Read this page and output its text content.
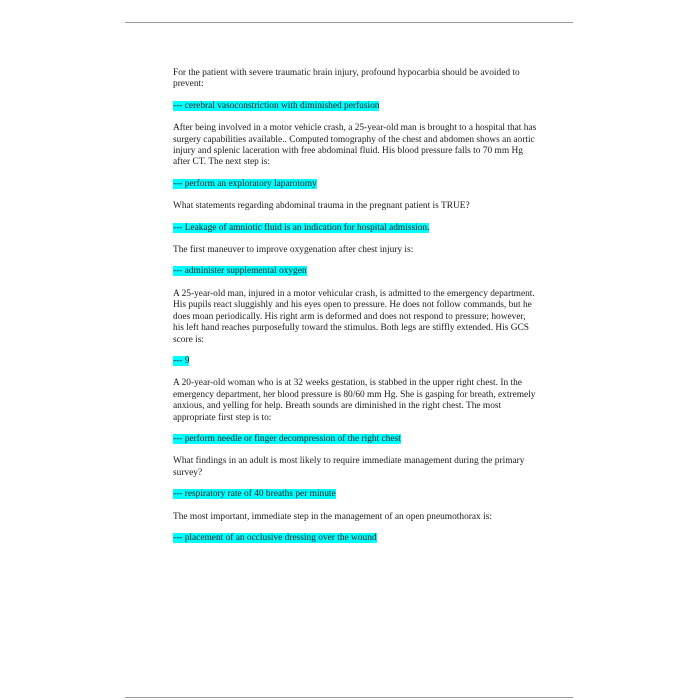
For the patient with severe traumatic brain injury, profound hypocarbia should be avoided to prevent:

--- cerebral vasoconstriction with diminished perfusion

After being involved in a motor vehicle crash, a 25-year-old man is brought to a hospital that has surgery capabilities available.. Computed tomography of the chest and abdomen shows an aortic injury and splenic laceration with free abdominal fluid. His blood pressure falls to 70 mm Hg after CT. The next step is:

--- perform an exploratory laparotomy

What statements regarding abdominal trauma in the pregnant patient is TRUE?

--- Leakage of amniotic fluid is an indication for hospital admission.

The first maneuver to improve oxygenation after chest injury is:

--- administer supplemental oxygen

A 25-year-old man, injured in a motor vehicular crash, is admitted to the emergency department. His pupils react sluggishly and his eyes open to pressure. He does not follow commands, but he does moan periodically. His right arm is deformed and does not respond to pressure; however, his left hand reaches purposefully toward the stimulus. Both legs are stiffly extended. His GCS score is:

--- 9

A 20-year-old woman who is at 32 weeks gestation, is stabbed in the upper right chest. In the emergency department, her blood pressure is 80/60 mm Hg. She is gasping for breath, extremely anxious, and yelling for help. Breath sounds are diminished in the right chest. The most appropriate first step is to:

--- perform needle or finger decompression of the right chest

What findings in an adult is most likely to require immediate management during the primary survey?

--- respiratory rate of 40 breaths per minute

The most important, immediate step in the management of an open pneumothorax is:

--- placement of an occlusive dressing over the wound
